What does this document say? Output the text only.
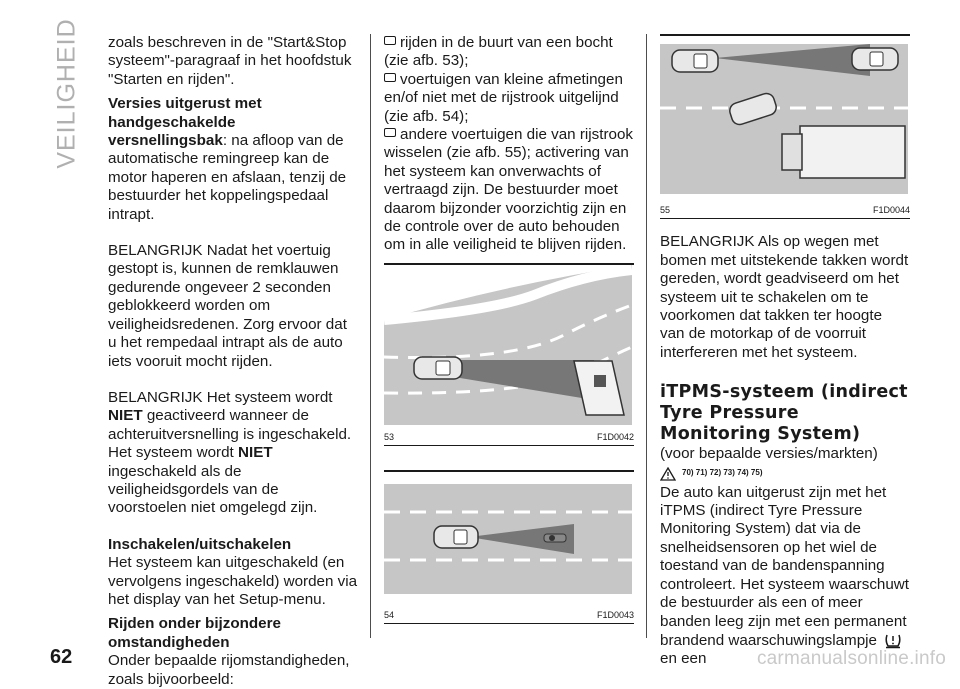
VEILIGHEID zoals beschreven in de "Start&Stop systeem"-paragraaf in het hoofdstuk "Starten en rijden".

Versies uitgerust met handgeschakelde versnellingsbak: na afloop van de automatische remingreep kan de motor haperen en afslaan, tenzij de bestuurder het koppelingspedaal intrapt.

BELANGRIJK Nadat het voertuig gestopt is, kunnen de remklauwen gedurende ongeveer 2 seconden geblokkeerd worden om veiligheidsredenen. Zorg ervoor dat u het rempedaal intrapt als de auto iets vooruit mocht rijden.

BELANGRIJK Het systeem wordt NIET geactiveerd wanneer de achteruitversnelling is ingeschakeld. Het systeem wordt NIET ingeschakeld als de veiligheidsgordels van de voorstoelen niet omgelegd zijn.

Inschakelen/uitschakelen

Het systeem kan uitgeschakeld (en vervolgens ingeschakeld) worden via het display van het Setup-menu.

Rijden onder bijzondere omstandigheden

Onder bepaalde rijomstandigheden, zoals bijvoorbeeld:

rijden in de buurt van een bocht (zie afb. 53);

voertuigen van kleine afmetingen en/of niet met de rijstrook uitgelijnd (zie afb. 54);

andere voertuigen die van rijstrook wisselen (zie afb. 55); activering van het systeem kan onverwachts of vertraagd zijn. De bestuurder moet daarom bijzonder voorzichtig zijn en de controle over de auto behouden om in alle veiligheid te blijven rijden.

53	F1D0042
54	F1D0043
55	F1D0044

BELANGRIJK Als op wegen met bomen met uitstekende takken wordt gereden, wordt geadviseerd om het systeem uit te schakelen om te voorkomen dat takken ter hoogte van de motorkap of de voorruit interfereren met het systeem.

iTPMS-systeem (indirect Tyre Pressure Monitoring System)

(voor bepaalde versies/markten)

70) 71) 72) 73) 74) 75)

De auto kan uitgerust zijn met het iTPMS (indirect Tyre Pressure Monitoring System) dat via de snelheidsensoren op het wiel de toestand van de bandenspanning controleert. Het systeem waarschuwt de bestuurder als een of meer banden leeg zijn met een permanent brandend waarschuwingslampje  en een

62	carmanualsonline.info
